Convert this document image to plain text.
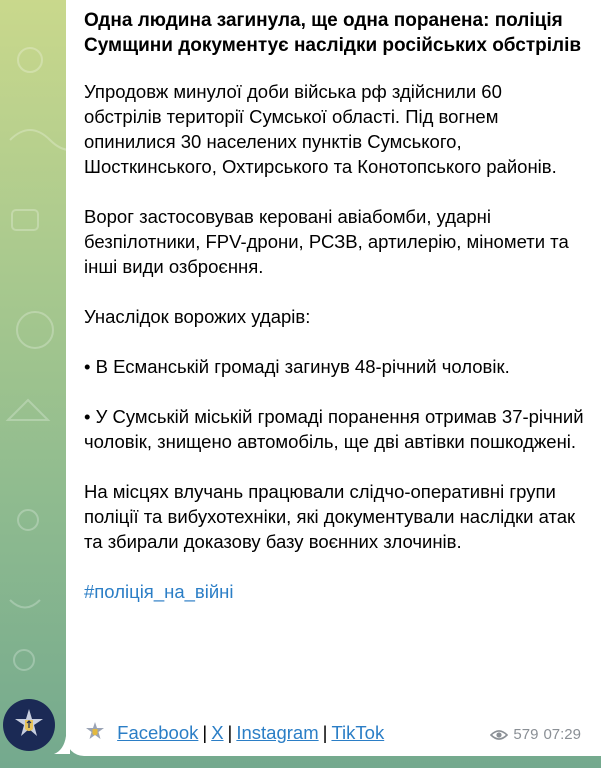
Одна людина загинула, ще одна поранена: поліція Сумщини документує наслідки російських обстрілів
Упродовж минулої доби війська рф здійснили 60 обстрілів території Сумської області. Під вогнем опинилися 30 населених пунктів Сумського, Шосткинського, Охтирського та Конотопського районів.
Ворог застосовував керовані авіабомби, ударні безпілотники, FPV-дрони, РСЗВ, артилерію, міномети та інші види озброєння.
Унаслідок ворожих ударів:
• В Есманській громаді загинув 48-річний чоловік.
• У Сумській міській громаді поранення отримав 37-річний чоловік, знищено автомобіль, ще дві автівки пошкоджені.
На місцях влучань працювали слідчо-оперативні групи поліції та вибухотехніки, які документували наслідки атак та збирали доказову базу воєнних злочинів.
#поліція_на_війні
Facebook | X | Instagram | TikTok	579 07:29
